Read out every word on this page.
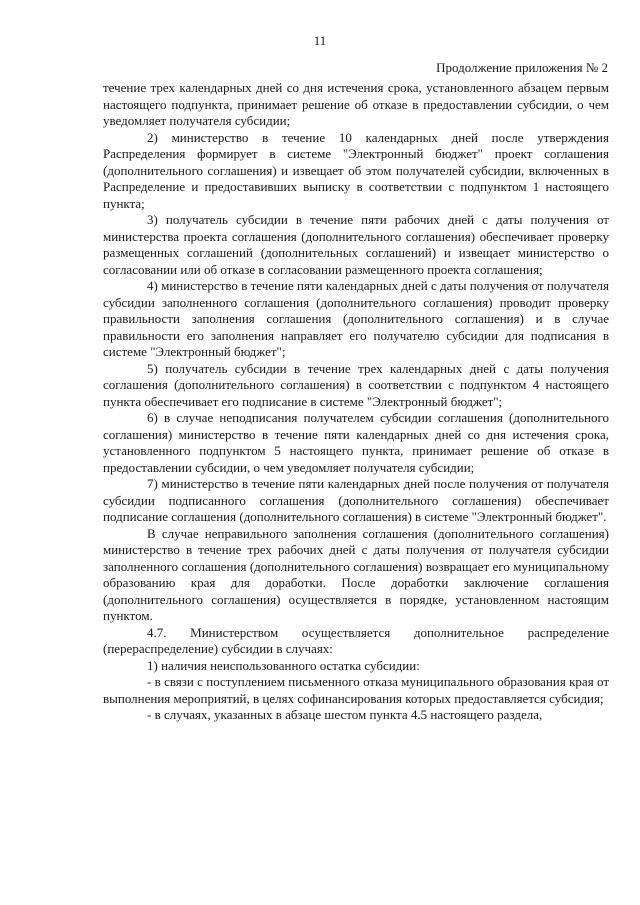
11
Продолжение приложения № 2

течение трех календарных дней со дня истечения срока, установленного абзацем первым настоящего подпункта, принимает решение об отказе в предоставлении субсидии, о чем уведомляет получателя субсидии;

2) министерство в течение 10 календарных дней после утверждения Распределения формирует в системе "Электронный бюджет" проект соглашения (дополнительного соглашения) и извещает об этом получателей субсидии, включенных в Распределение и предоставивших выписку в соответствии с подпунктом 1 настоящего пункта;

3) получатель субсидии в течение пяти рабочих дней с даты получения от министерства проекта соглашения (дополнительного соглашения) обеспечивает проверку размещенных соглашений (дополнительных соглашений) и извещает министерство о согласовании или об отказе в согласовании размещенного проекта соглашения;

4) министерство в течение пяти календарных дней с даты получения от получателя субсидии заполненного соглашения (дополнительного соглашения) проводит проверку правильности заполнения соглашения (дополнительного соглашения) и в случае правильности его заполнения направляет его получателю субсидии для подписания в системе "Электронный бюджет";

5) получатель субсидии в течение трех календарных дней с даты получения соглашения (дополнительного соглашения) в соответствии с подпунктом 4 настоящего пункта обеспечивает его подписание в системе "Электронный бюджет";

6) в случае неподписания получателем субсидии соглашения (дополнительного соглашения) министерство в течение пяти календарных дней со дня истечения срока, установленного подпунктом 5 настоящего пункта, принимает решение об отказе в предоставлении субсидии, о чем уведомляет получателя субсидии;

7) министерство в течение пяти календарных дней после получения от получателя субсидии подписанного соглашения (дополнительного соглашения) обеспечивает подписание соглашения (дополнительного соглашения) в системе "Электронный бюджет".

В случае неправильного заполнения соглашения (дополнительного соглашения) министерство в течение трех рабочих дней с даты получения от получателя субсидии заполненного соглашения (дополнительного соглашения) возвращает его муниципальному образованию края для доработки. После доработки заключение соглашения (дополнительного соглашения) осуществляется в порядке, установленном настоящим пунктом.

4.7. Министерством осуществляется дополнительное распределение (перераспределение) субсидии в случаях:

1) наличия неиспользованного остатка субсидии:

- в связи с поступлением письменного отказа муниципального образования края от выполнения мероприятий, в целях софинансирования которых предоставляется субсидия;

- в случаях, указанных в абзаце шестом пункта 4.5 настоящего раздела,
